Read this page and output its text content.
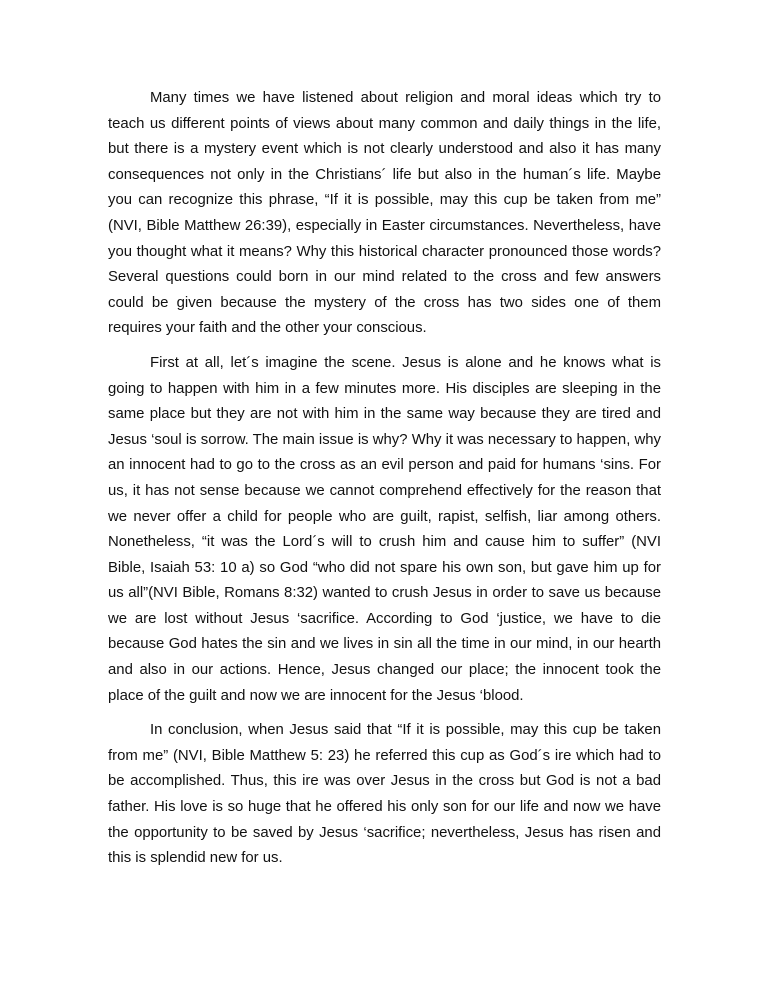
Many times we have listened about religion and moral ideas which try to teach us different points of views about many common and daily things in the life, but there is a mystery event which is not clearly understood and also it has many consequences not only in the Christians´ life but also in the human´s life. Maybe you can recognize this phrase, “If it is possible, may this cup be taken from me” (NVI, Bible Matthew 26:39), especially in Easter circumstances. Nevertheless, have you thought what it means? Why this historical character pronounced those words? Several questions could born in our mind related to the cross and few answers could be given because the mystery of the cross has two sides one of them requires your faith and the other your conscious.

First at all, let´s imagine the scene. Jesus is alone and he knows what is going to happen with him in a few minutes more. His disciples are sleeping in the same place but they are not with him in the same way because they are tired and Jesus ‘soul is sorrow. The main issue is why? Why it was necessary to happen, why an innocent had to go to the cross as an evil person and paid for humans ‘sins. For us, it has not sense because we cannot comprehend effectively for the reason that we never offer a child for people who are guilt, rapist, selfish, liar among others. Nonetheless, “it was the Lord´s will to crush him and cause him to suffer” (NVI Bible, Isaiah 53: 10 a) so God “who did not spare his own son, but gave him up for us all”(NVI Bible, Romans 8:32) wanted to crush Jesus in order to save us because we are lost without Jesus ‘sacrifice. According to God ‘justice, we have to die because God hates the sin and we lives in sin all the time in our mind, in our hearth and also in our actions. Hence, Jesus changed our place; the innocent took the place of the guilt and now we are innocent for the Jesus ‘blood.

In conclusion, when Jesus said that “If it is possible, may this cup be taken from me” (NVI, Bible Matthew 5: 23) he referred this cup as God´s ire which had to be accomplished. Thus, this ire was over Jesus in the cross but God is not a bad father. His love is so huge that he offered his only son for our life and now we have the opportunity to be saved by Jesus ‘sacrifice; nevertheless, Jesus has risen and this is splendid new for us.
